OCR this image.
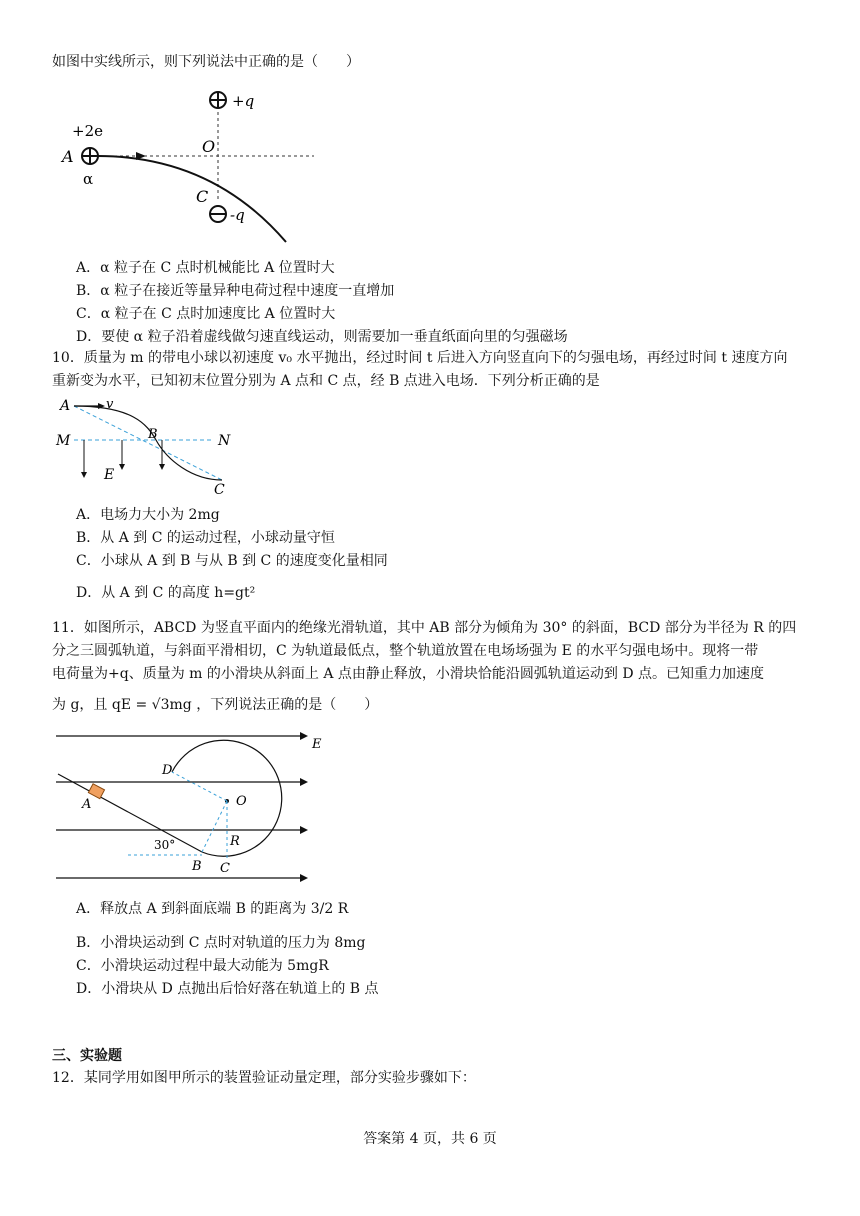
如图中实线所示，则下列说法中正确的是（　　）
+q
+2e
A
α
O
C
-q
A．α 粒子在 C 点时机械能比 A 位置时大
B．α 粒子在接近等量异种电荷过程中速度一直增加
C．α 粒子在 C 点时加速度比 A 位置时大
D．要使 α 粒子沿着虚线做匀速直线运动，则需要加一垂直纸面向里的匀强磁场
10．质量为 m 的带电小球以初速度 v₀ 水平抛出，经过时间 t 后进入方向竖直向下的匀强电场，再经过时间 t 速度方向
重新变为水平，已知初末位置分别为 A 点和 C 点，经 B 点进入电场．下列分析正确的是
A	v
M	N
B
E
C
A．电场力大小为 2mg
B．从 A 到 C 的运动过程，小球动量守恒
C．小球从 A 到 B 与从 B 到 C 的速度变化量相同
D．从 A 到 C 的高度 h=gt²
11．如图所示，ABCD 为竖直平面内的绝缘光滑轨道，其中 AB 部分为倾角为 30° 的斜面，BCD 部分为半径为 R 的四
分之三圆弧轨道，与斜面平滑相切，C 为轨道最低点，整个轨道放置在电场场强为 E 的水平匀强电场中。现将一带
电荷量为+q、质量为 m 的小滑块从斜面上 A 点由静止释放，小滑块恰能沿圆弧轨道运动到 D 点。已知重力加速度
为 g，且 qE = √3mg ，下列说法正确的是（　　）
E
A	O
D
R
30°
B C
A．释放点 A 到斜面底端 B 的距离为 3/2 R
B．小滑块运动到 C 点时对轨道的压力为 8mg
C．小滑块运动过程中最大动能为 5mgR
D．小滑块从 D 点抛出后恰好落在轨道上的 B 点
三、实验题
12．某同学用如图甲所示的装置验证动量定理，部分实验步骤如下：
答案第 4 页，共 6 页
